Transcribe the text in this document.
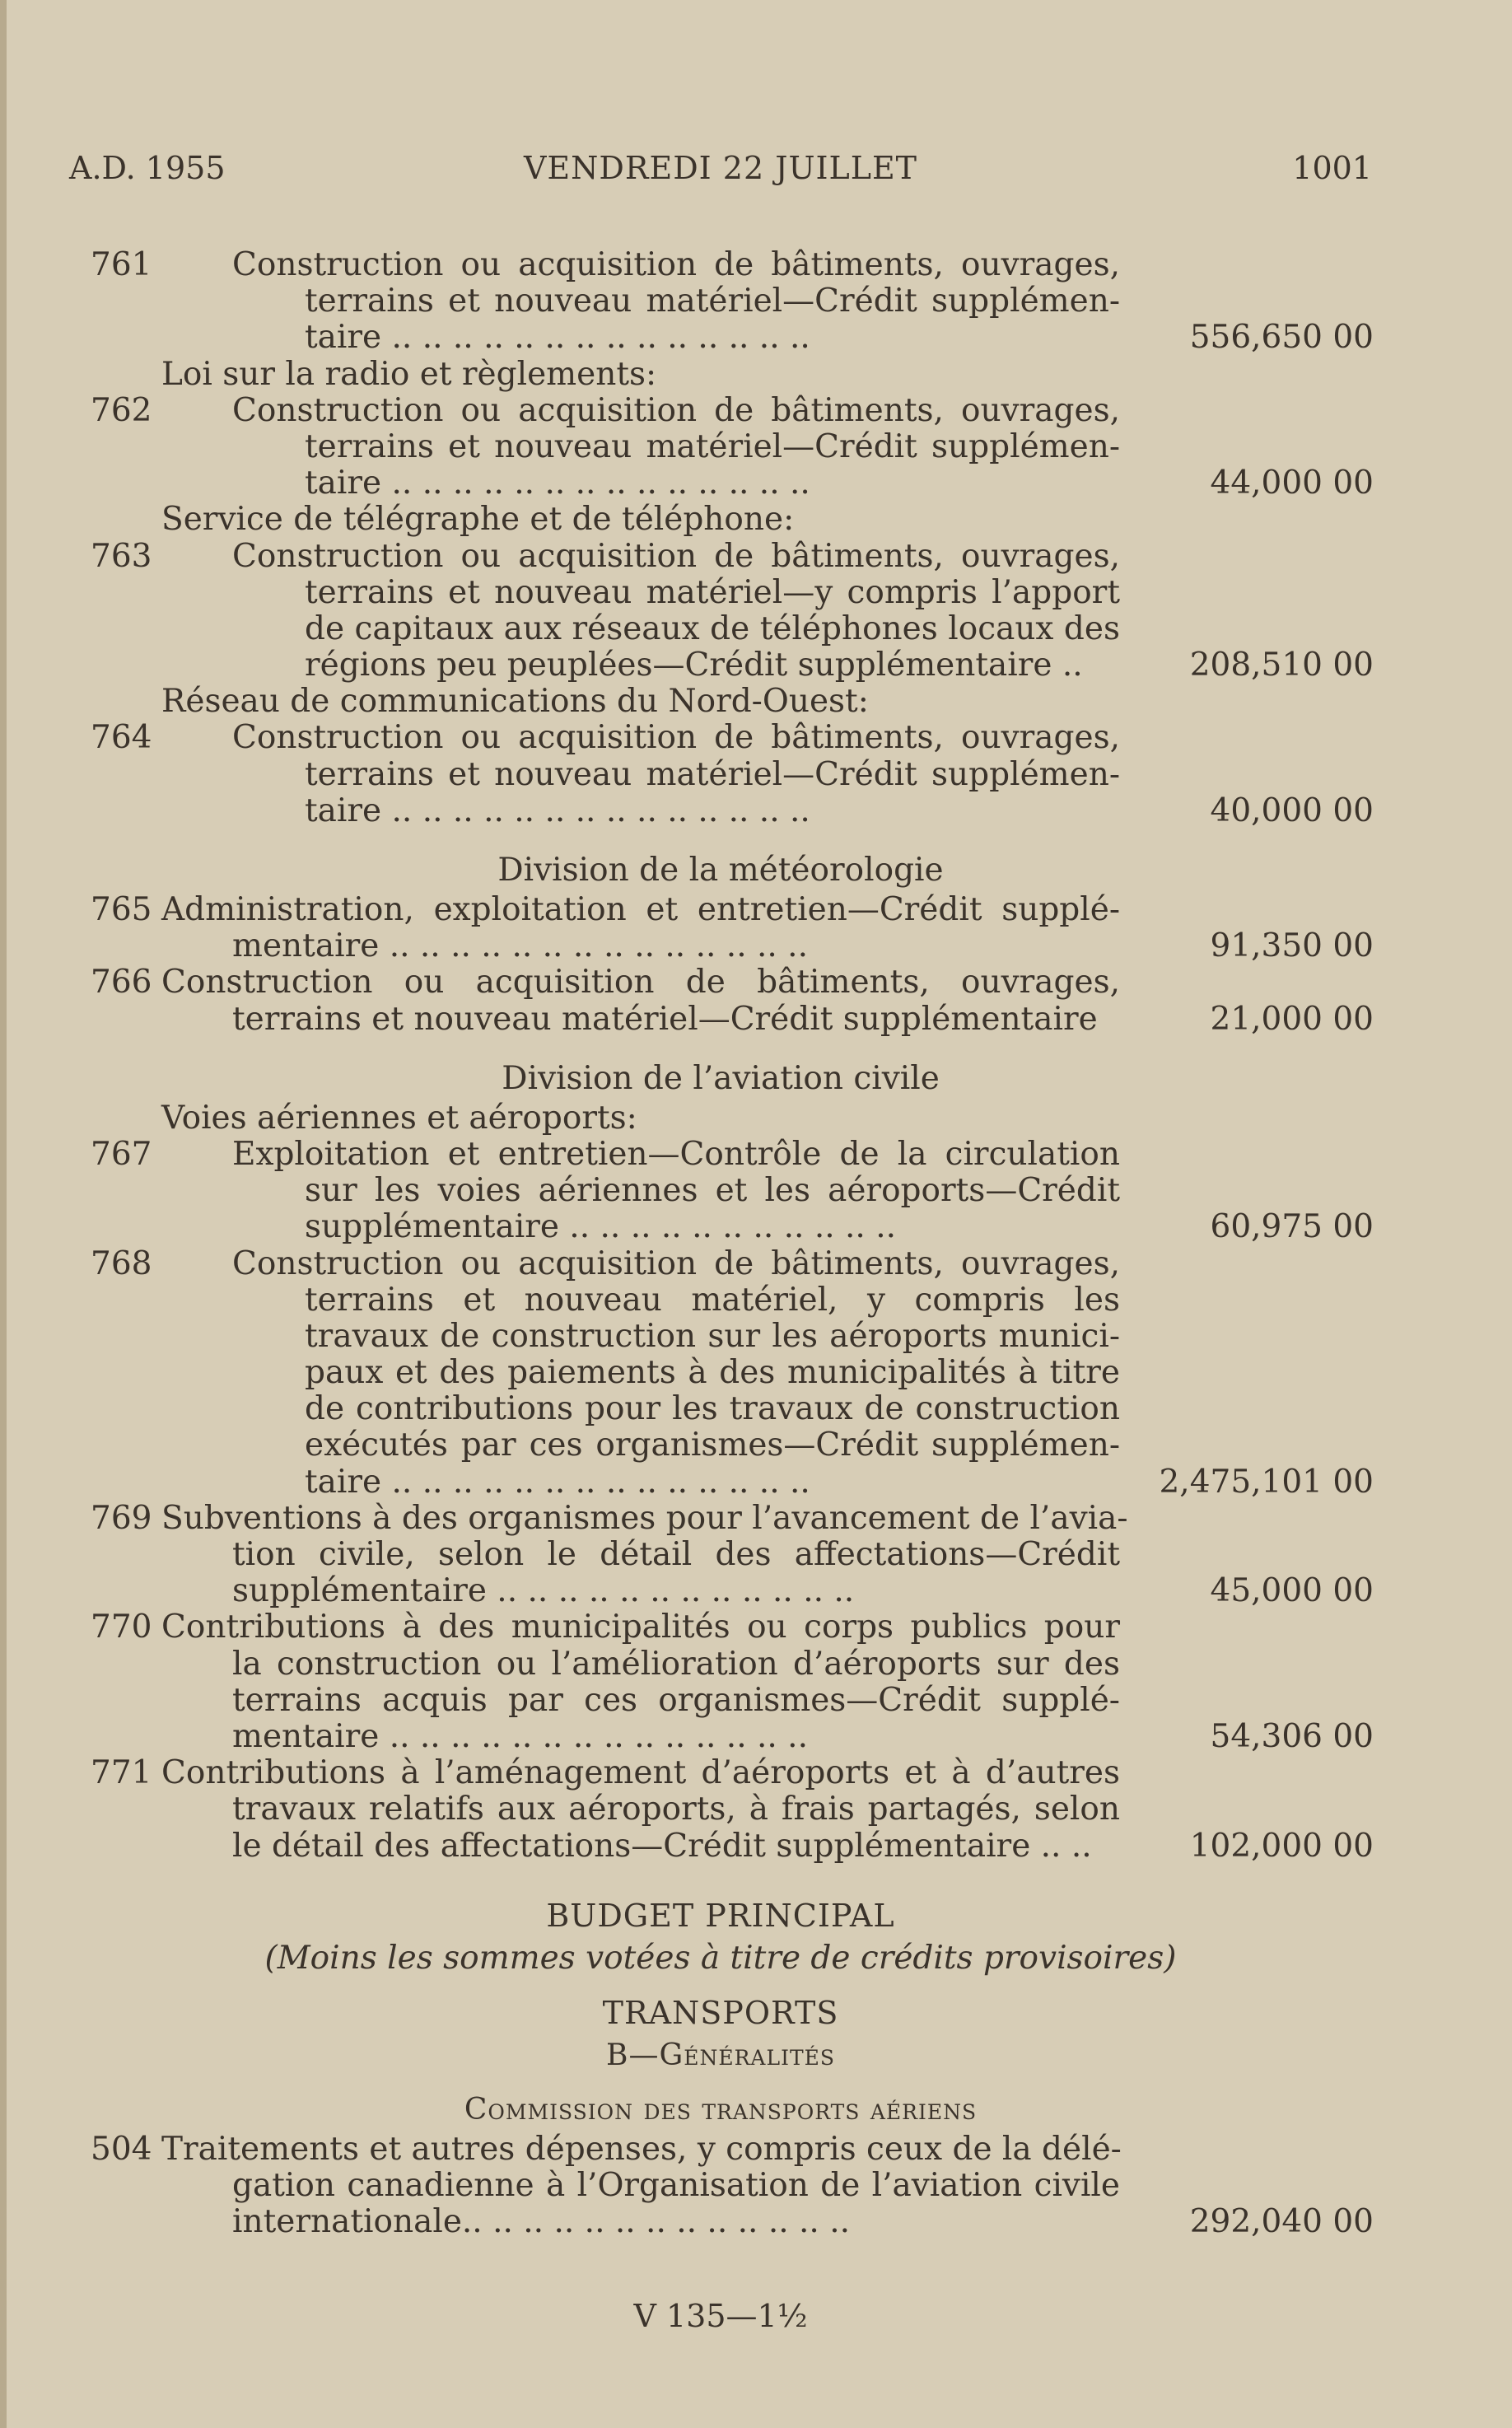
A.D. 1955	VENDREDI 22 JUILLET	1001
761	Construction ou acquisition de bâtiments, ouvrages,
terrains et nouveau matériel—Crédit supplémen-
taire .. .. .. .. .. .. .. .. .. .. .. .. .. ..	556,650 00
Loi sur la radio et règlements:
762	Construction ou acquisition de bâtiments, ouvrages,
terrains et nouveau matériel—Crédit supplémen-
taire .. .. .. .. .. .. .. .. .. .. .. .. .. ..	44,000 00
Service de télégraphe et de téléphone:
763	Construction ou acquisition de bâtiments, ouvrages,
terrains et nouveau matériel—y compris l’apport
de capitaux aux réseaux de téléphones locaux des
régions peu peuplées—Crédit supplémentaire ..	208,510 00
Réseau de communications du Nord-Ouest:
764	Construction ou acquisition de bâtiments, ouvrages,
terrains et nouveau matériel—Crédit supplémen-
taire .. .. .. .. .. .. .. .. .. .. .. .. .. ..	40,000 00
Division de la météorologie
765 Administration, exploitation et entretien—Crédit supplé-
mentaire .. .. .. .. .. .. .. .. .. .. .. .. .. ..	91,350 00
766 Construction ou acquisition de bâtiments, ouvrages,
terrains et nouveau matériel—Crédit supplémentaire	21,000 00
Division de l’aviation civile
Voies aériennes et aéroports:
767	Exploitation et entretien—Contrôle de la circulation
sur les voies aériennes et les aéroports—Crédit
supplémentaire .. .. .. .. .. .. .. .. .. .. ..	60,975 00
768	Construction ou acquisition de bâtiments, ouvrages,
terrains et nouveau matériel, y compris les
travaux de construction sur les aéroports munici-
paux et des paiements à des municipalités à titre
de contributions pour les travaux de construction
exécutés par ces organismes—Crédit supplémen-
taire .. .. .. .. .. .. .. .. .. .. .. .. .. ..	2,475,101 00
769 Subventions à des organismes pour l’avancement de l’avia-
tion civile, selon le détail des affectations—Crédit
supplémentaire .. .. .. .. .. .. .. .. .. .. .. ..	45,000 00
770 Contributions à des municipalités ou corps publics pour
la construction ou l’amélioration d’aéroports sur des
terrains acquis par ces organismes—Crédit supplé-
mentaire .. .. .. .. .. .. .. .. .. .. .. .. .. ..	54,306 00
771 Contributions à l’aménagement d’aéroports et à d’autres
travaux relatifs aux aéroports, à frais partagés, selon
le détail des affectations—Crédit supplémentaire .. ..	102,000 00
BUDGET PRINCIPAL
(Moins les sommes votées à titre de crédits provisoires)
TRANSPORTS
B—Généralités
Commission des transports aériens
504 Traitements et autres dépenses, y compris ceux de la délé-
gation canadienne à l’Organisation de l’aviation civile
internationale.. .. .. .. .. .. .. .. .. .. .. .. ..	292,040 00
V 135—1½
